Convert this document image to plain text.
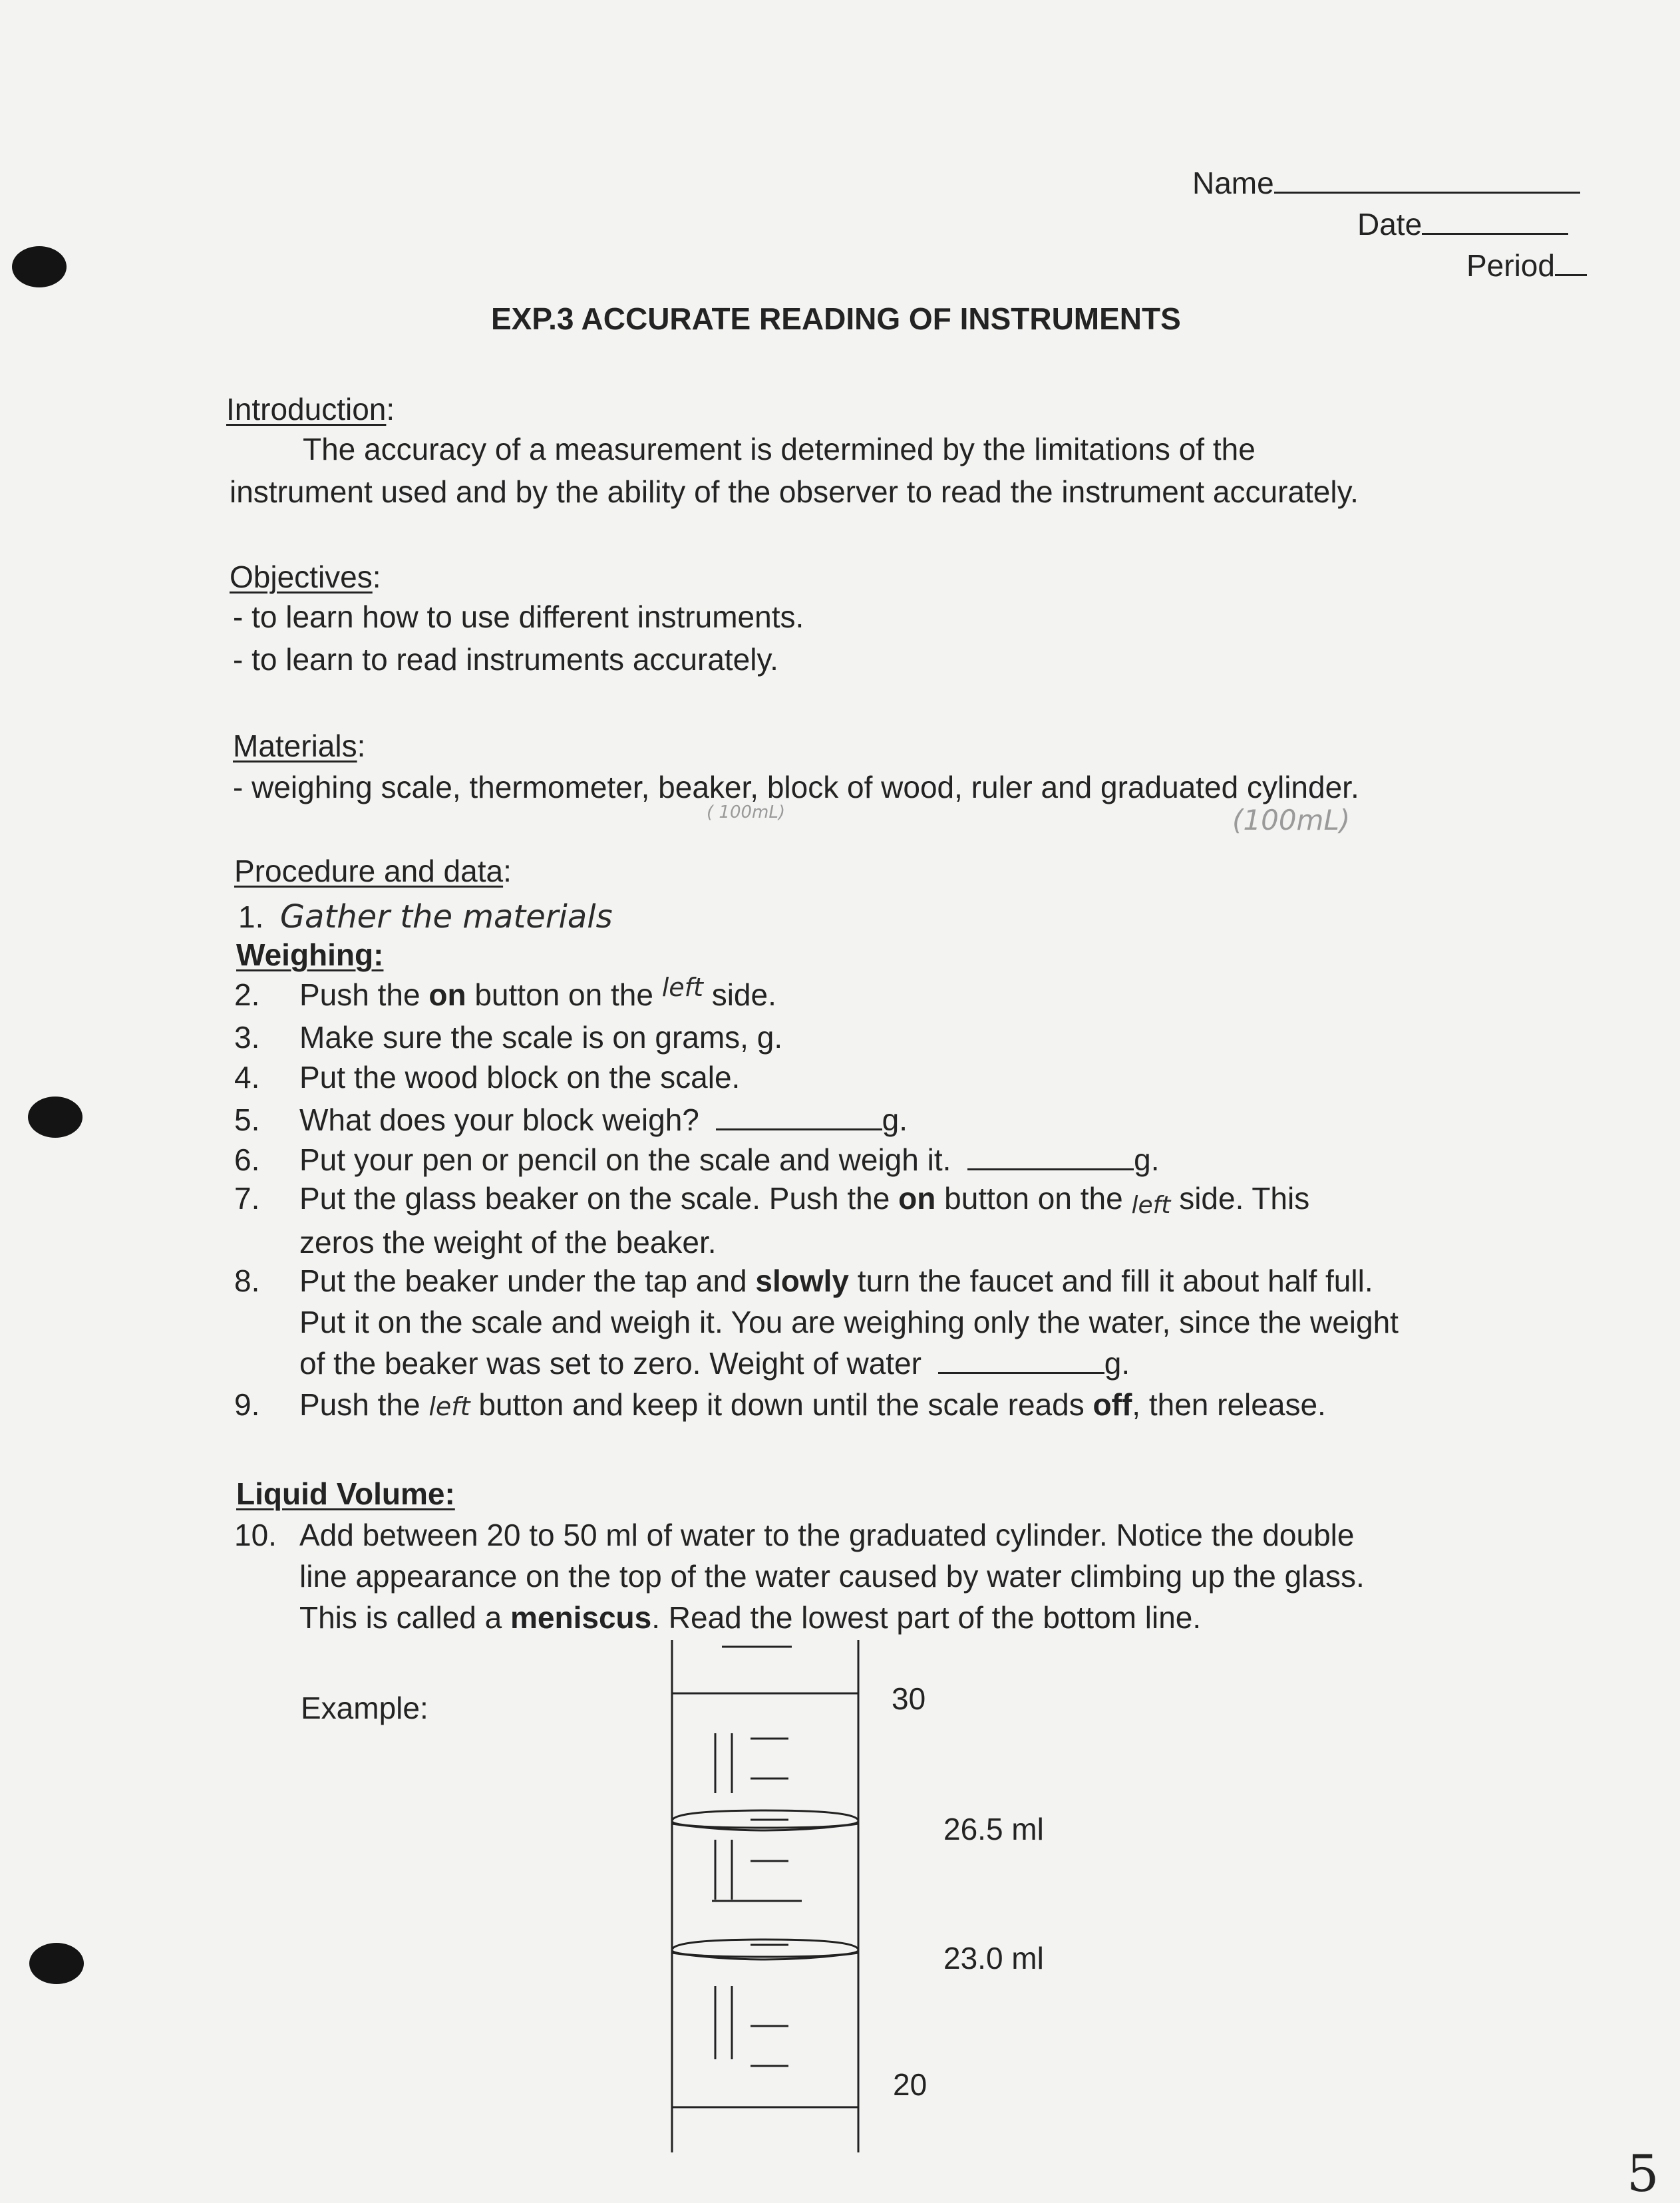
Name
Date
Period
EXP.3 ACCURATE READING OF INSTRUMENTS
Introduction:
The accuracy of a measurement is determined by the limitations of the
instrument used and by the ability of the observer to read the instrument accurately.
Objectives:
- to learn how to use different instruments.
- to learn to read instruments accurately.
Materials:
- weighing scale, thermometer, beaker, block of wood, ruler and graduated cylinder.
( 100mL)	(100mL)
Procedure and data:
1. Gather the materials
Weighing:
2. Push the on button on the $^{left}$ side.
3. Make sure the scale is on grams, g.
4. Put the wood block on the scale.
5. What does your block weigh?	g.
6. Put your pen or pencil on the scale and weigh it.	g.
7. Put the glass beaker on the scale. Push the on button on the left side. This
zeros the weight of the beaker.
8. Put the beaker under the tap and slowly turn the faucet and fill it about half full.
Put it on the scale and weigh it. You are weighing only the water, since the weight
of the beaker was set to zero. Weight of water	g.
9. Push the left button and keep it down until the scale reads off, then release.
Liquid Volume:
10. Add between 20 to 50 ml of water to the graduated cylinder. Notice the double
line appearance on the top of the water caused by water climbing up the glass.
This is called a meniscus. Read the lowest part of the bottom line.
Example:	30
20
26.5 ml
23.0 ml
5
